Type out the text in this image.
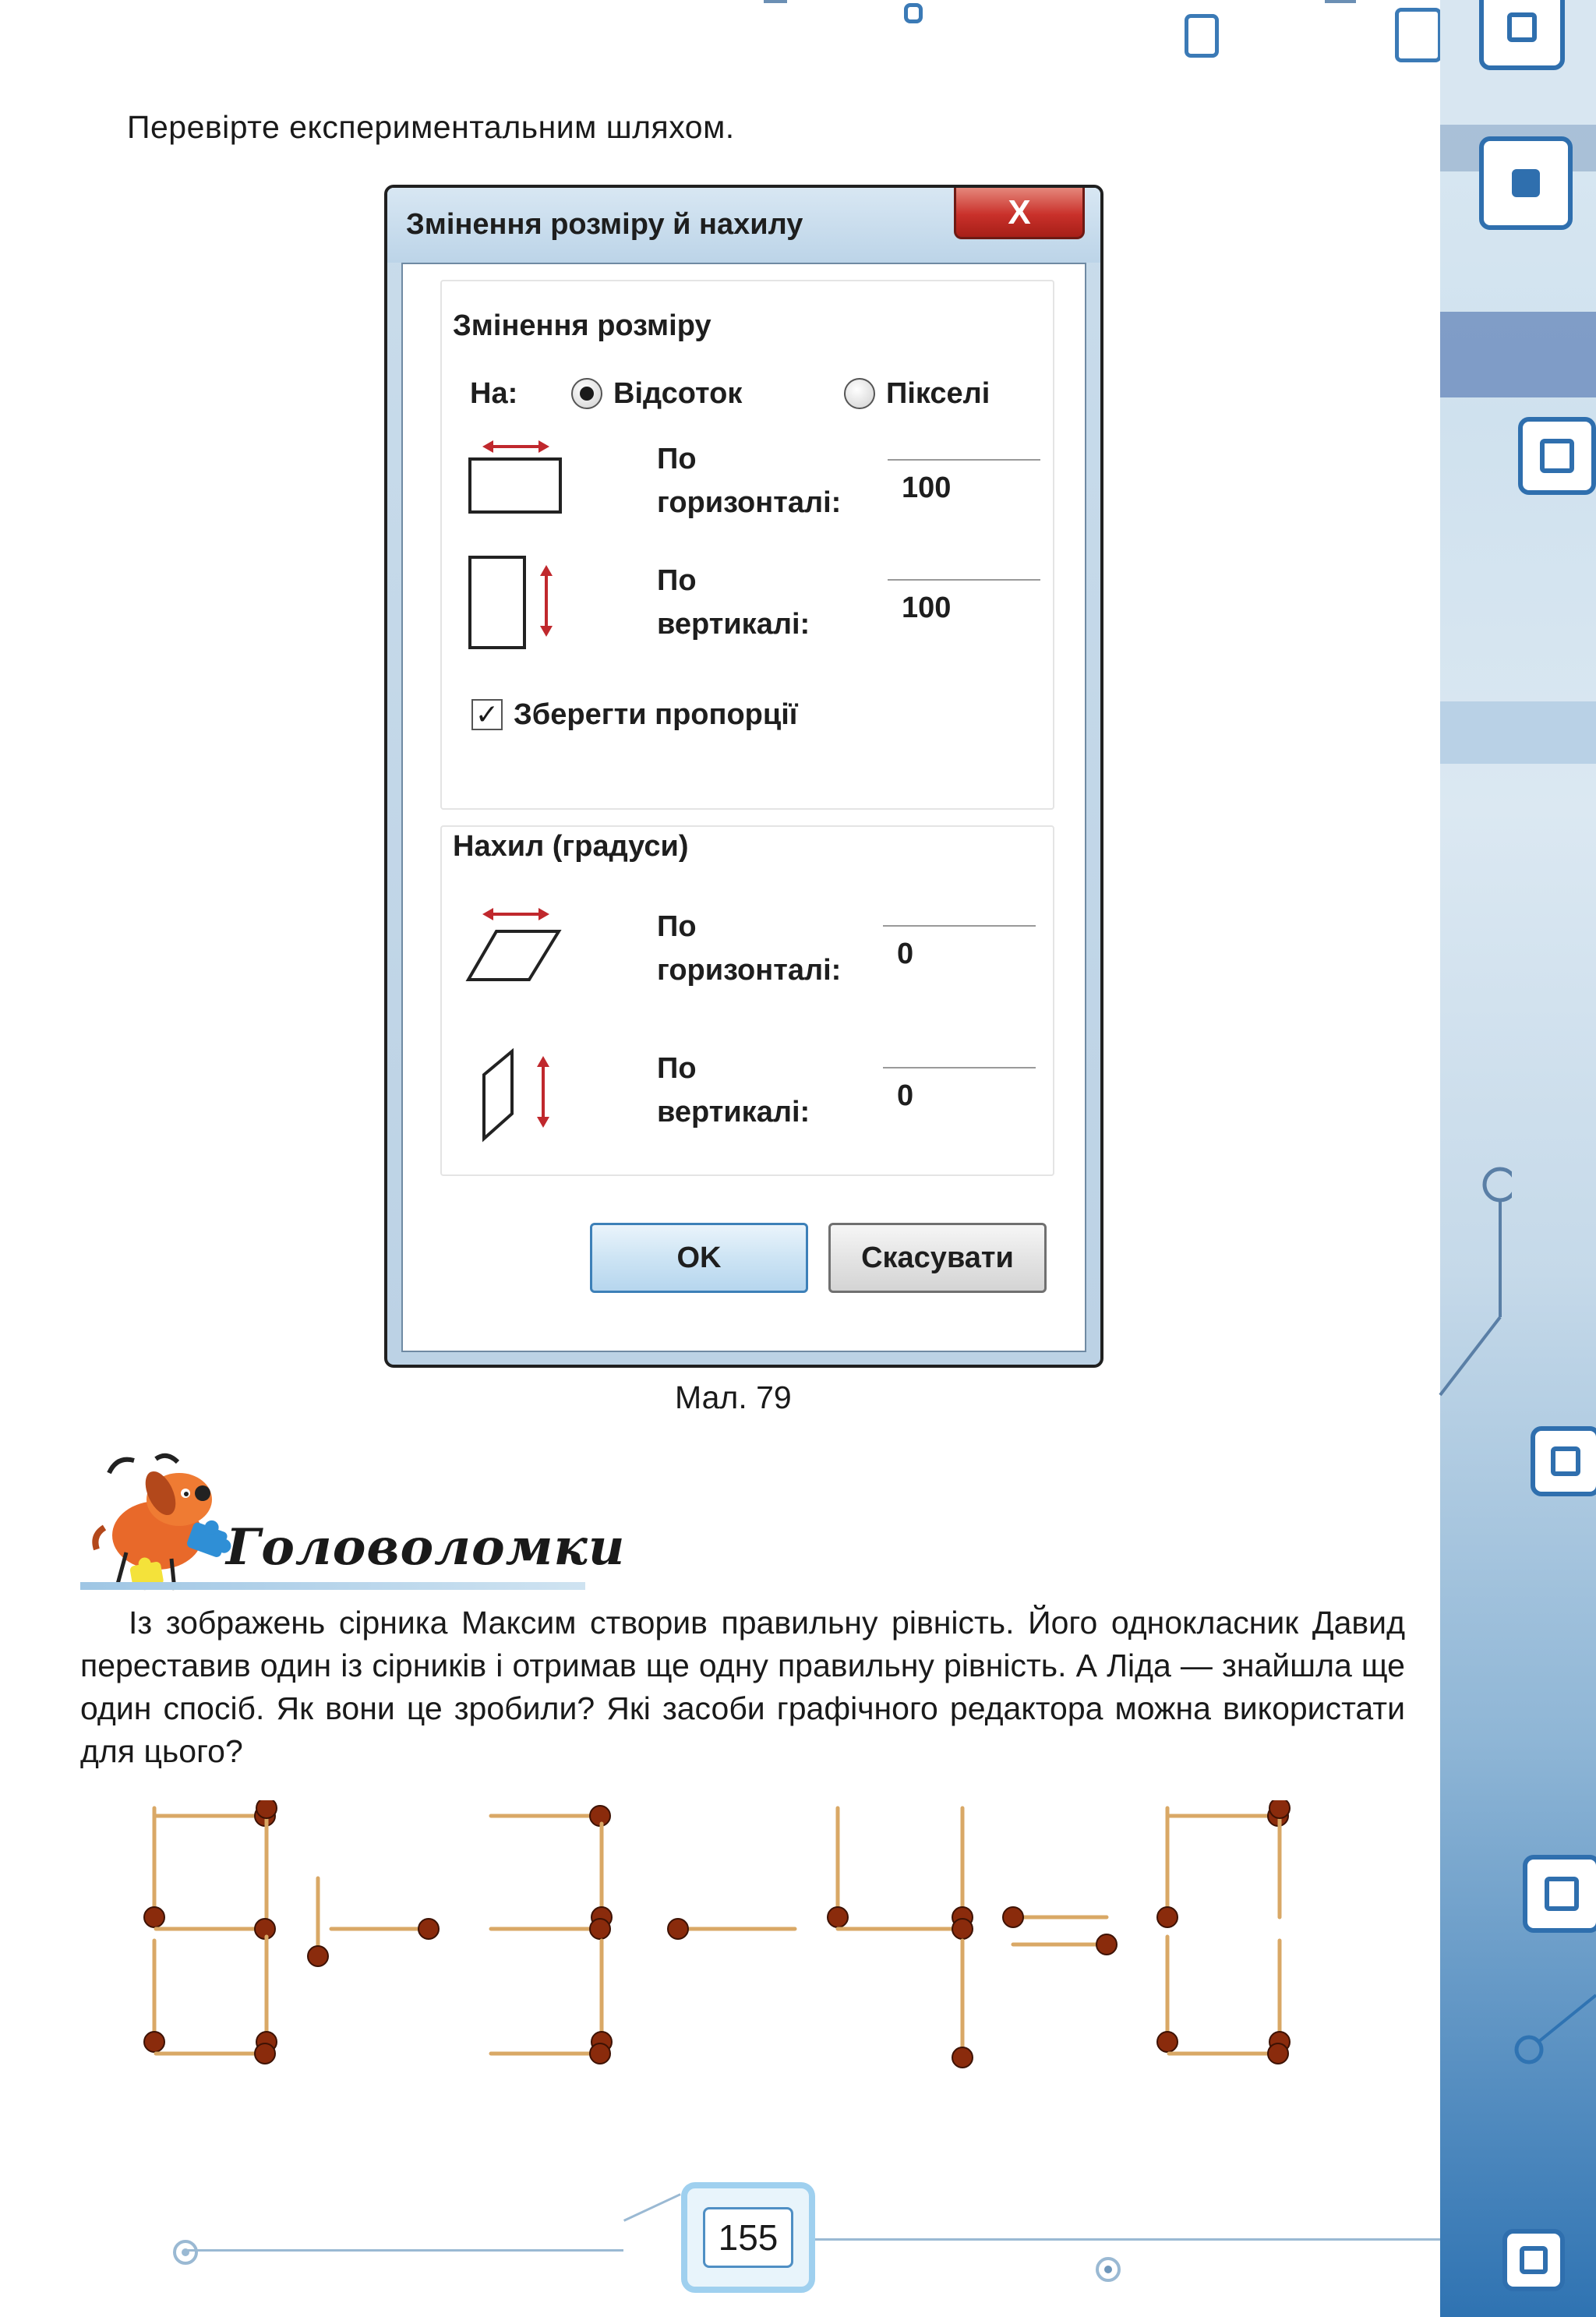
Перевірте експериментальним шляхом.
Змінення розміру й нахилу	X
Змінення розміру
На:	Відсоток	Пікселі
По
горизонталі:	100
По
вертикалі:	100
✓ Зберегти пропорції
Нахил (градуси)
По
горизонталі:	0
По
вертикалі:	0
OK	Скасувати
Мал. 79
Головоломки

Із зображень сірника Максим створив правильну рівність. Його однокласник Давид переставив один із сірників і отримав ще одну правильну рівність. А Ліда — знайшла ще один спосіб. Як вони це зробили? Які засоби графічного редактора можна використати для цього?

155
